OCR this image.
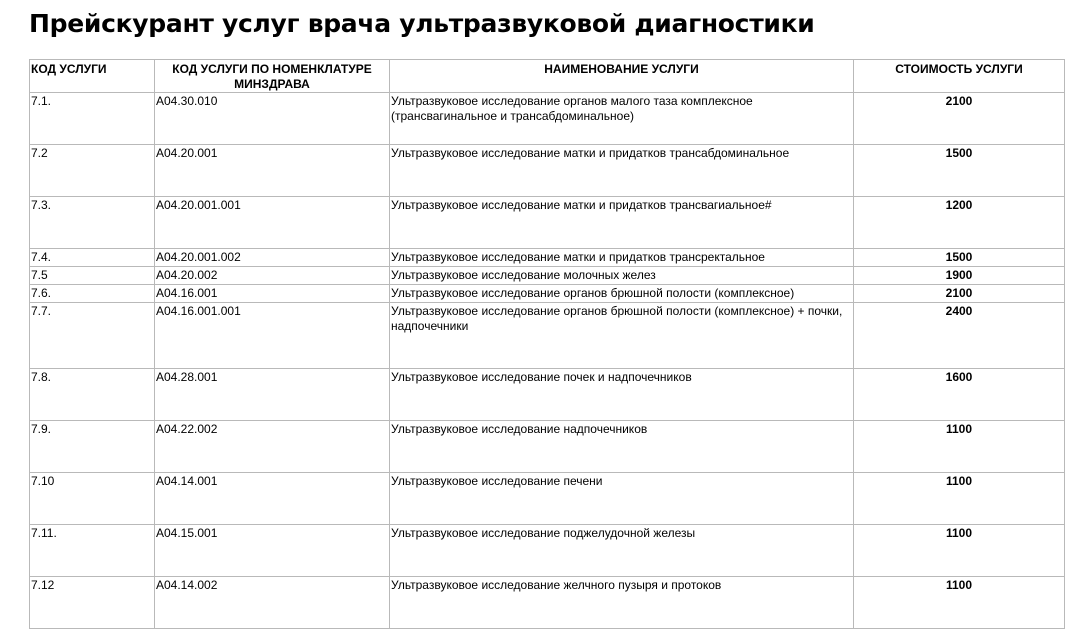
Прейскурант услуг врача ультразвуковой диагностики
КОД УСЛУГИ	КОД УСЛУГИ ПО НОМЕНКЛАТУРЕ МИНЗДРАВА	НАИМЕНОВАНИЕ УСЛУГИ	СТОИМОСТЬ УСЛУГИ
7.1.	A04.30.010	Ультразвуковое исследование органов малого таза комплексное (трансвагинальное и трансабдоминальное)	2100
7.2	A04.20.001	Ультразвуковое исследование матки и придатков трансабдоминальное	1500
7.3.	A04.20.001.001	Ультразвуковое исследование матки и придатков трансвагиальное#	1200
7.4.	A04.20.001.002	Ультразвуковое исследование матки и придатков трансректальное	1500
7.5	A04.20.002	Ультразвуковое исследование молочных желез	1900
7.6.	A04.16.001	Ультразвуковое исследование органов брюшной полости (комплексное)	2100
7.7.	A04.16.001.001	Ультразвуковое исследование органов брюшной полости (комплексное) + почки, надпочечники	2400
7.8.	A04.28.001	Ультразвуковое исследование почек и надпочечников	1600
7.9.	A04.22.002	Ультразвуковое исследование надпочечников	1100
7.10	A04.14.001	Ультразвуковое исследование печени	1100
7.11.	A04.15.001	Ультразвуковое исследование поджелудочной железы	1100
7.12	A04.14.002	Ультразвуковое исследование желчного пузыря и протоков	1100
